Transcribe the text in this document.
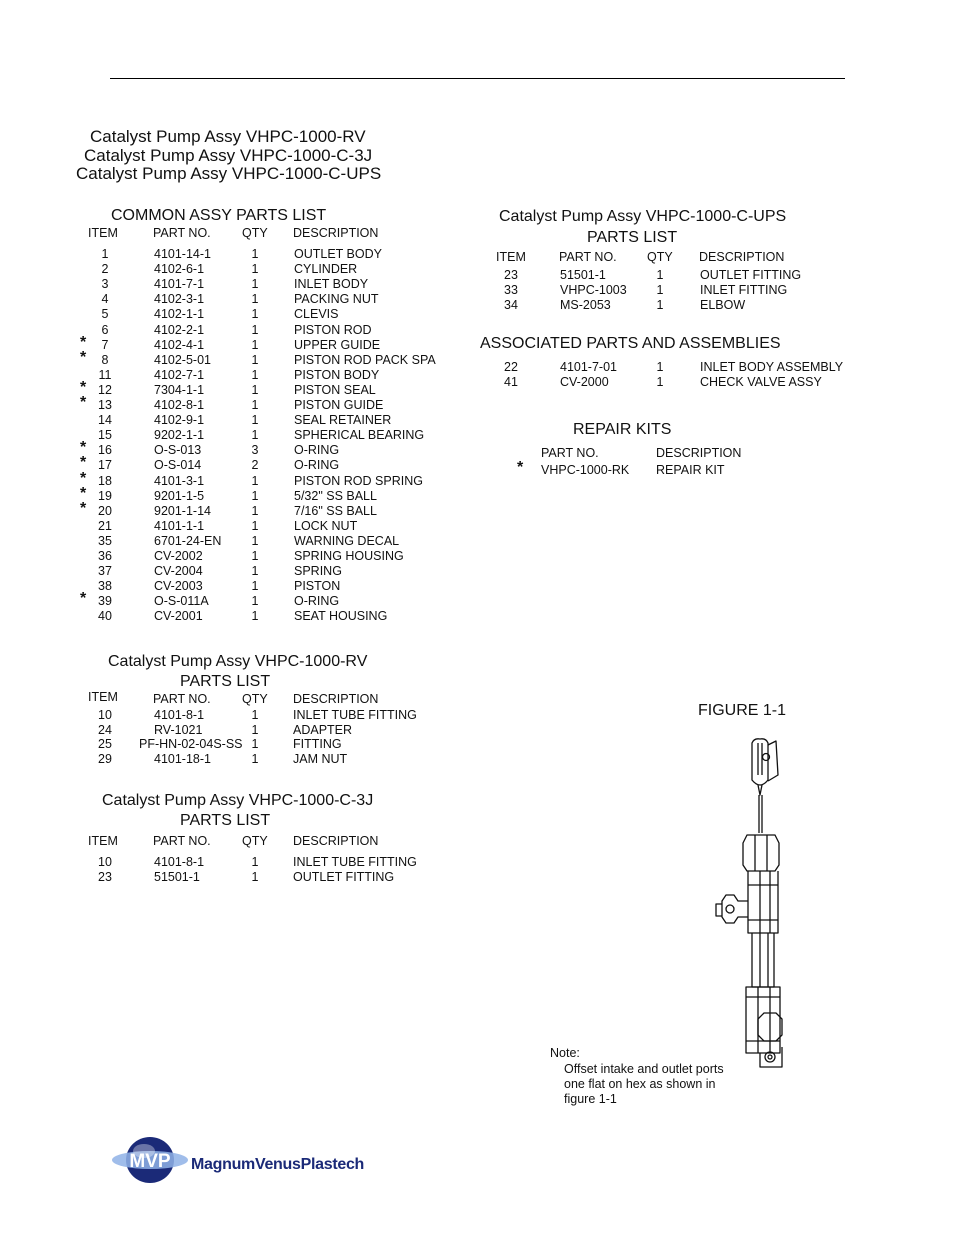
Catalyst Pump Assy VHPC-1000-RV
Catalyst Pump Assy VHPC-1000-C-3J
Catalyst Pump Assy VHPC-1000-C-UPS
COMMON ASSY PARTS LIST
ITEM	PART NO.	QTY DESCRIPTION
1	4101-14-1	1	OUTLET BODY
2	4102-6-1	1	CYLINDER
3	4101-7-1	1	INLET BODY
4	4102-3-1	1	PACKING NUT
5	4102-1-1	1	CLEVIS
6	4102-2-1	1	PISTON ROD
*	7	4102-4-1	1	UPPER GUIDE
*	8	4102-5-01	1	PISTON ROD PACK SPA
11	4102-7-1	1	PISTON BODY
* 12	7304-1-1	1	PISTON SEAL
* 13	4102-8-1	1	PISTON GUIDE
14	4102-9-1	1	SEAL RETAINER
15	9202-1-1	1	SPHERICAL BEARING
* 16	O-S-013	3	O-RING
* 17	O-S-014	2	O-RING
* 18	4101-3-1	1	PISTON ROD SPRING
* 19	9201-1-5	1	5/32" SS BALL
* 20	9201-1-14	1	7/16" SS BALL
21	4101-1-1	1	LOCK NUT
35	6701-24-EN	1	WARNING DECAL
36	CV-2002	1	SPRING HOUSING
37	CV-2004	1	SPRING
38	CV-2003	1	PISTON
* 39	O-S-011A	1	O-RING
40	CV-2001	1	SEAT HOUSING
Catalyst Pump Assy VHPC-1000-RV
PARTS LIST
ITEM	PART NO.	QTY DESCRIPTION
10	4101-8-1	1	INLET TUBE FITTING
24	RV-1021	1	ADAPTER
25	PF-HN-02-04S-SS 1	FITTING
29	4101-18-1	1	JAM NUT
Catalyst Pump Assy VHPC-1000-C-3J
PARTS LIST
ITEM	PART NO.	QTY DESCRIPTION
10	4101-8-1	1	INLET TUBE FITTING
23	51501-1	1	OUTLET FITTING
Catalyst Pump Assy VHPC-1000-C-UPS
PARTS LIST
ITEM	PART NO. QTY DESCRIPTION
23	51501-1	1	OUTLET FITTING
33	VHPC-1003	1	INLET FITTING
34	MS-2053	1	ELBOW
ASSOCIATED PARTS AND ASSEMBLIES
22	4101-7-01	1	INLET BODY ASSEMBLY
41	CV-2000	1	CHECK VALVE ASSY
REPAIR KITS
PART NO.	DESCRIPTION
* VHPC-1000-RK REPAIR KIT
FIGURE 1-1
Note:
Offset intake and outlet ports
one flat on hex as shown in
figure 1-1
MVP MagnumVenusPlastech
